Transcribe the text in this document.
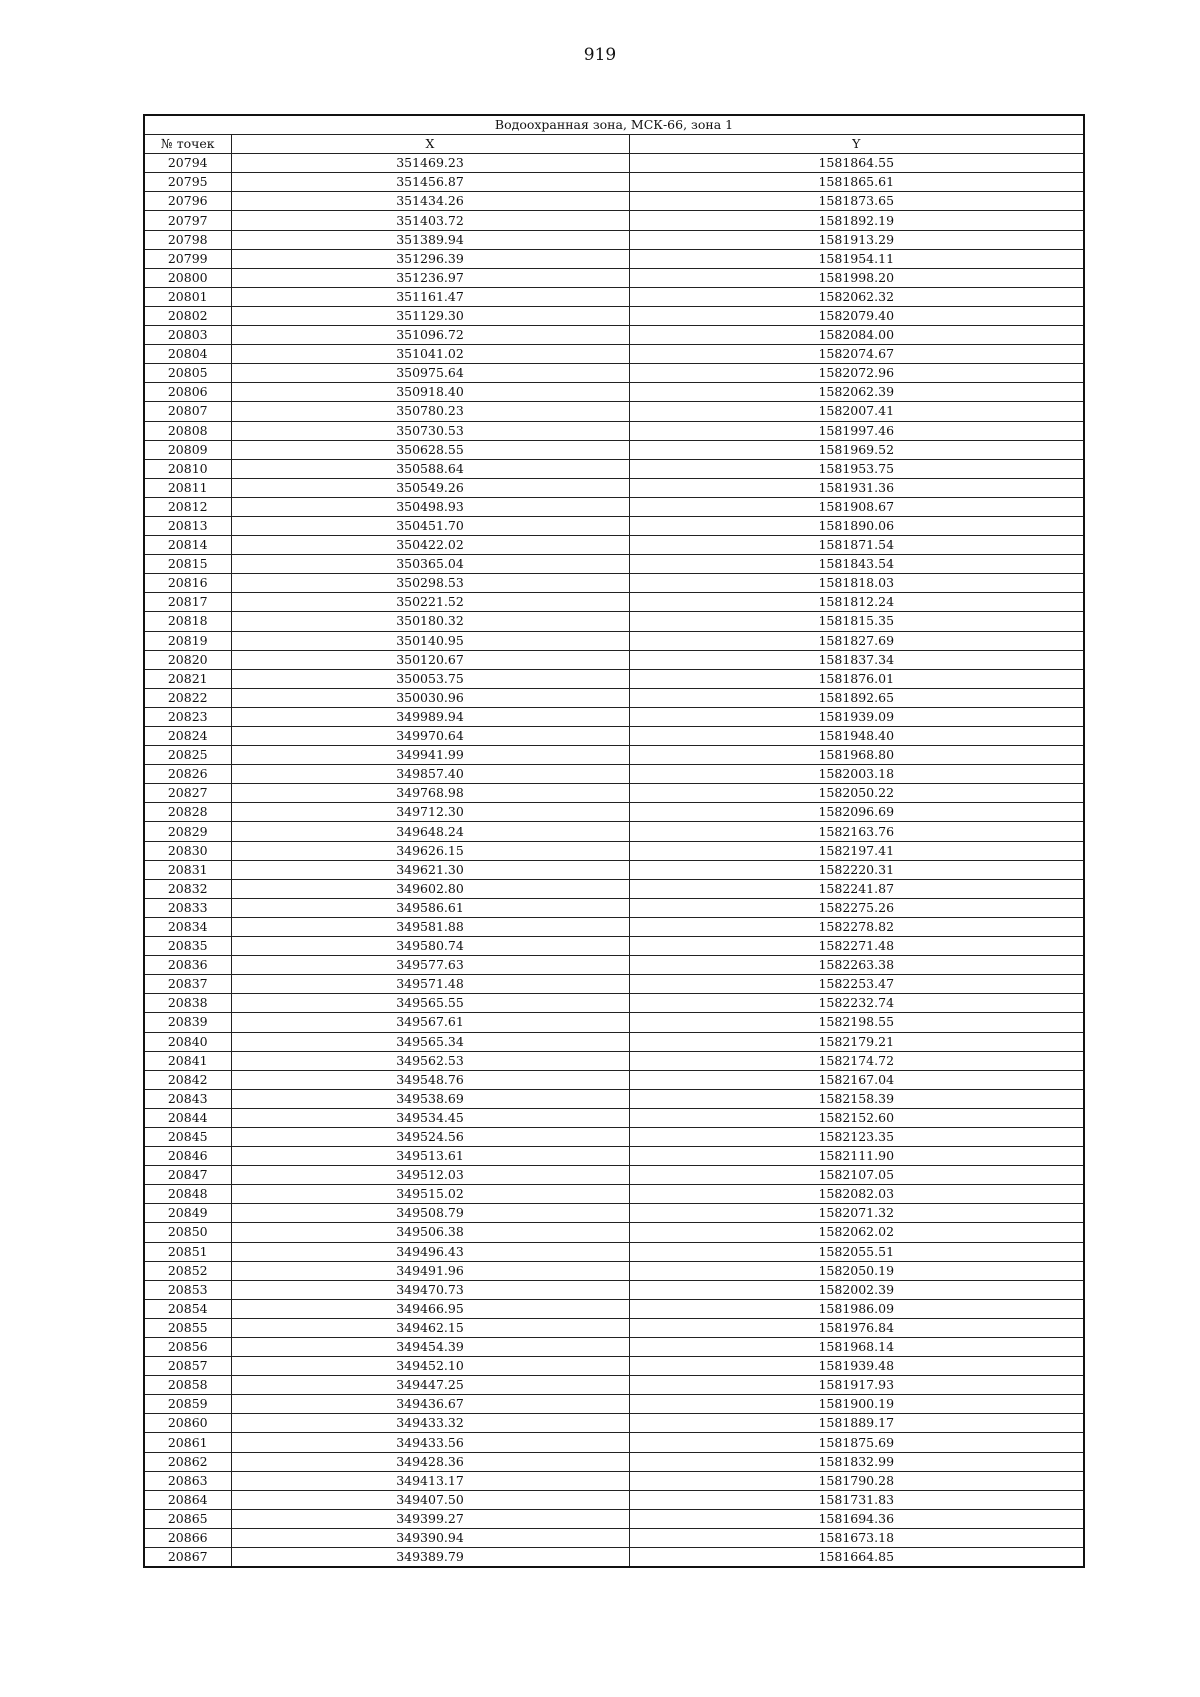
919
Водоохранная зона, МСК-66, зона 1		
№ точек	X	Y
20794	351469.23	1581864.55
20795	351456.87	1581865.61
20796	351434.26	1581873.65
20797	351403.72	1581892.19
20798	351389.94	1581913.29
20799	351296.39	1581954.11
20800	351236.97	1581998.20
20801	351161.47	1582062.32
20802	351129.30	1582079.40
20803	351096.72	1582084.00
20804	351041.02	1582074.67
20805	350975.64	1582072.96
20806	350918.40	1582062.39
20807	350780.23	1582007.41
20808	350730.53	1581997.46
20809	350628.55	1581969.52
20810	350588.64	1581953.75
20811	350549.26	1581931.36
20812	350498.93	1581908.67
20813	350451.70	1581890.06
20814	350422.02	1581871.54
20815	350365.04	1581843.54
20816	350298.53	1581818.03
20817	350221.52	1581812.24
20818	350180.32	1581815.35
20819	350140.95	1581827.69
20820	350120.67	1581837.34
20821	350053.75	1581876.01
20822	350030.96	1581892.65
20823	349989.94	1581939.09
20824	349970.64	1581948.40
20825	349941.99	1581968.80
20826	349857.40	1582003.18
20827	349768.98	1582050.22
20828	349712.30	1582096.69
20829	349648.24	1582163.76
20830	349626.15	1582197.41
20831	349621.30	1582220.31
20832	349602.80	1582241.87
20833	349586.61	1582275.26
20834	349581.88	1582278.82
20835	349580.74	1582271.48
20836	349577.63	1582263.38
20837	349571.48	1582253.47
20838	349565.55	1582232.74
20839	349567.61	1582198.55
20840	349565.34	1582179.21
20841	349562.53	1582174.72
20842	349548.76	1582167.04
20843	349538.69	1582158.39
20844	349534.45	1582152.60
20845	349524.56	1582123.35
20846	349513.61	1582111.90
20847	349512.03	1582107.05
20848	349515.02	1582082.03
20849	349508.79	1582071.32
20850	349506.38	1582062.02
20851	349496.43	1582055.51
20852	349491.96	1582050.19
20853	349470.73	1582002.39
20854	349466.95	1581986.09
20855	349462.15	1581976.84
20856	349454.39	1581968.14
20857	349452.10	1581939.48
20858	349447.25	1581917.93
20859	349436.67	1581900.19
20860	349433.32	1581889.17
20861	349433.56	1581875.69
20862	349428.36	1581832.99
20863	349413.17	1581790.28
20864	349407.50	1581731.83
20865	349399.27	1581694.36
20866	349390.94	1581673.18
20867	349389.79	1581664.85
